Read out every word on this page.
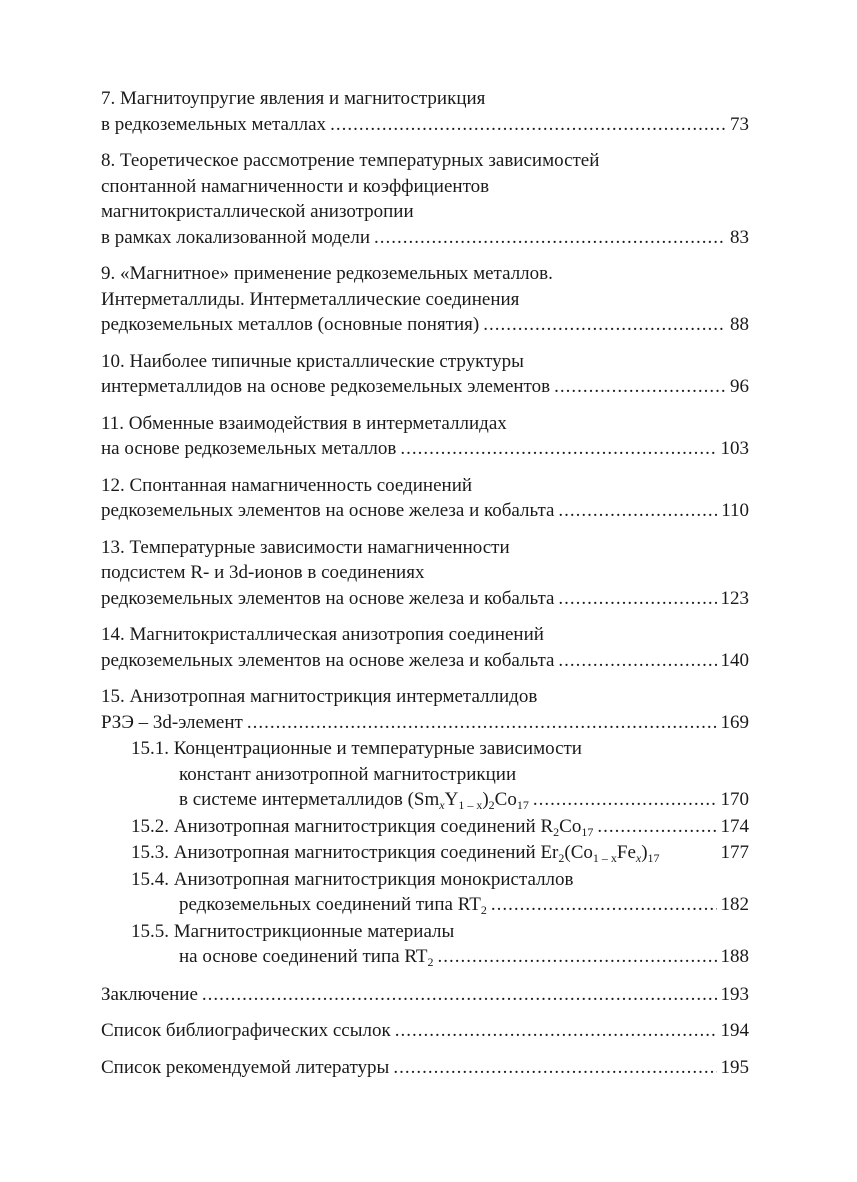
7. Магнитоупругие явления и магнитострикция
в редкоземельных металлах .....	73
8. Теоретическое рассмотрение температурных зависимостей
спонтанной намагниченности и коэффициентов
магнитокристаллической анизотропии
в рамках локализованной модели .....	83
9. «Магнитное» применение редкоземельных металлов.
Интерметаллиды. Интерметаллические соединения
редкоземельных металлов (основные понятия) .....	88
10. Наиболее типичные кристаллические структуры
интерметаллидов на основе редкоземельных элементов .....	96
11. Обменные взаимодействия в интерметаллидах
на основе редкоземельных металлов .....	103
12. Спонтанная намагниченность соединений
редкоземельных элементов на основе железа и кобальта .....	110
13. Температурные зависимости намагниченности
подсистем R- и 3d-ионов в соединениях
редкоземельных элементов на основе железа и кобальта .....	123
14. Магнитокристаллическая анизотропия соединений
редкоземельных элементов на основе железа и кобальта .....	140
15. Анизотропная магнитострикция интерметаллидов
РЗЭ – 3d-элемент .....	169
15.1. Концентрационные и температурные зависимости
констант анизотропной магнитострикции
в системе интерметаллидов $(Sm_xY_{1 - x})_2Co_{17}$ .....	170
15.2. Анизотропная магнитострикция соединений $R_2Co_{17}$ .....	174
15.3. Анизотропная магнитострикция соединений $Er_2(Co_{1 - x}Fe_x)_{17}$	177
15.4. Анизотропная магнитострикция монокристаллов
редкоземельных соединений типа $RT_2$ .....	182
15.5. Магнитострикционные материалы
на основе соединений типа $RT_2$ .....	188
Заключение .....	193
Список библиографических ссылок .....	194
Список рекомендуемой литературы .....	195
